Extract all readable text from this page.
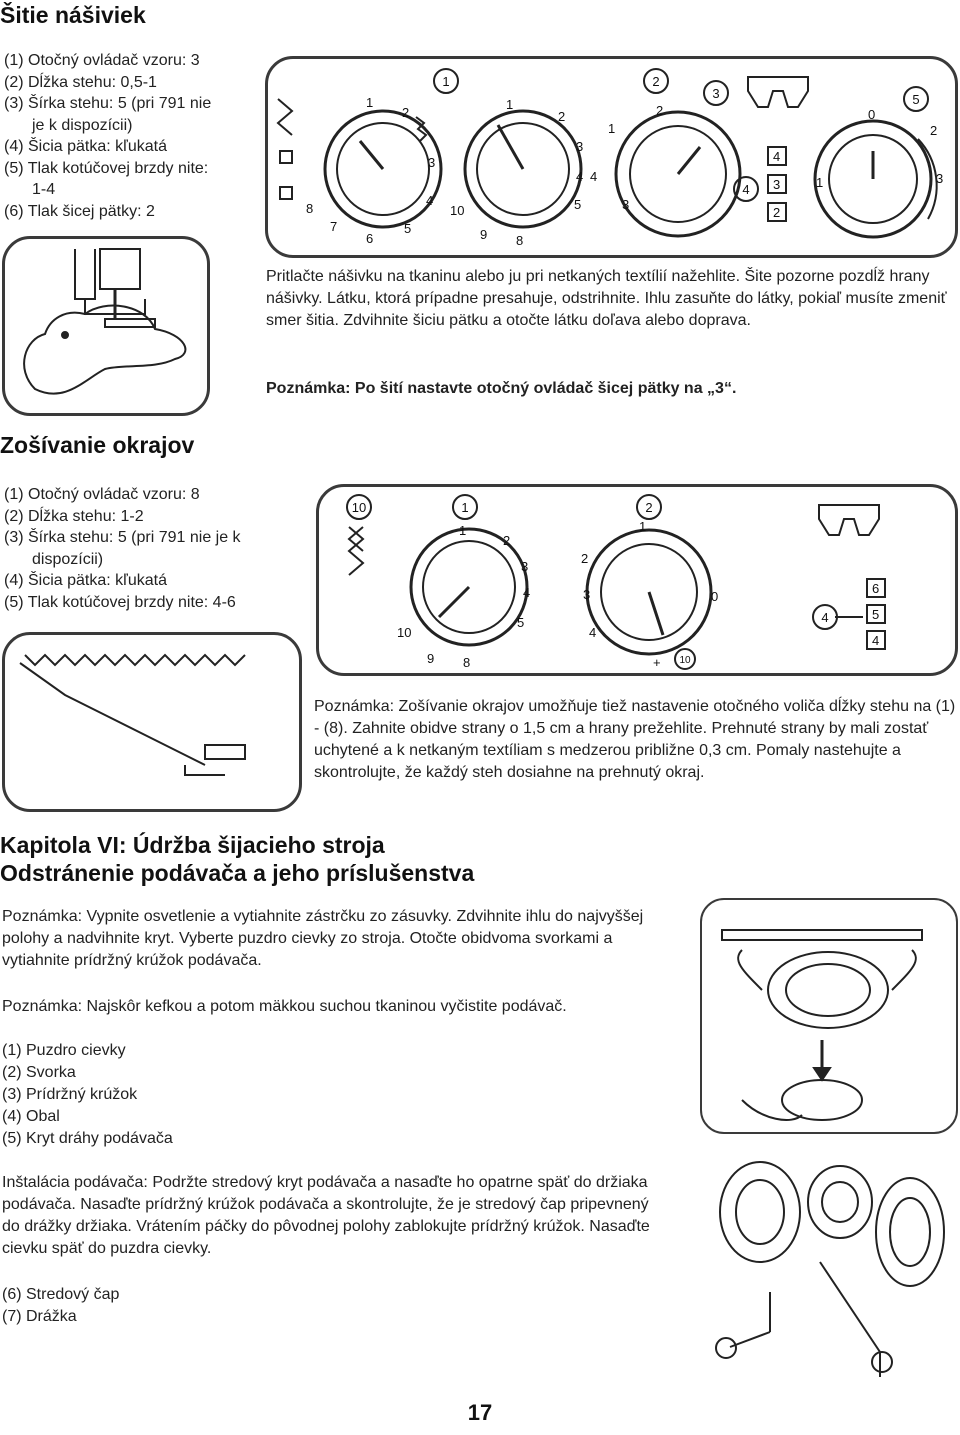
Šitie nášiviek
(1) Otočný ovládač vzoru: 3
(2) Dĺžka stehu: 0,5-1
(3) Šírka stehu: 5 (pri 791 nie
je k dispozícii)
(4) Šicia pätka: kľukatá
(5) Tlak kotúčovej brzdy nite:
1-4
(6) Tlak šicej pätky: 2
1	2
3	5
4
1
2
3
4
5
6
7
8
1
2
3
4
5
10
9 8
1
2
3
4
0
1
2
3
4
3
2

Pritlačte nášivku na tkaninu alebo ju pri netkaných textílií nažehlite. Šite pozorne pozdĺž hrany nášivky. Látku, ktorá prípadne presahuje, odstrihnite. Ihlu zasuňte do látky, pokiaľ musíte zmeniť smer šitia. Zdvihnite šiciu pätku a otočte látku doľava alebo doprava.

Poznámka: Po šití nastavte otočný ovládač šicej pätky na „3“.
Zošívanie okrajov
(1) Otočný ovládač vzoru: 8
(2) Dĺžka stehu: 1-2
(3) Šírka stehu: 5 (pri 791 nie je k
dispozícii)
(4) Šicia pätka: kľukatá
(5) Tlak kotúčovej brzdy nite: 4-6
10	1	2
4
1
2
3
4
5
10
9 8
1
2
3
4
0
+ 10
6
5
4

Poznámka: Zošívanie okrajov umožňuje tiež nastavenie otočného voliča dĺžky stehu na (1) - (8). Zahnite obidve strany o 1,5 cm a hrany prežehlite. Prehnuté strany by mali zostať uchytené a k netkaným textíliam s medzerou približne 0,3 cm. Pomaly nastehujte a skontrolujte, že každý steh dosiahne na prehnutý okraj.

Kapitola VI: Údržba šijacieho stroja
Odstránenie podávača a jeho príslušenstva

Poznámka: Vypnite osvetlenie a vytiahnite zástrčku zo zásuvky. Zdvihnite ihlu do najvyššej polohy a nadvihnite kryt. Vyberte puzdro cievky zo stroja. Otočte obidvoma svorkami a vytiahnite prídržný krúžok podávača.

Poznámka: Najskôr kefkou a potom mäkkou suchou tkaninou vyčistite podávač.

(1) Puzdro cievky
(2) Svorka
(3) Prídržný krúžok
(4) Obal
(5) Kryt dráhy podávača

Inštalácia podávača: Podržte stredový kryt podávača a nasaďte ho opatrne späť do držiaka podávača. Nasaďte prídržný krúžok podávača a skontrolujte, že je stredový čap pripevnený do drážky držiaka. Vrátením páčky do pôvodnej polohy zablokujte prídržný krúžok. Nasaďte cievku späť do puzdra cievky.

(6) Stredový čap
(7) Drážka
17
